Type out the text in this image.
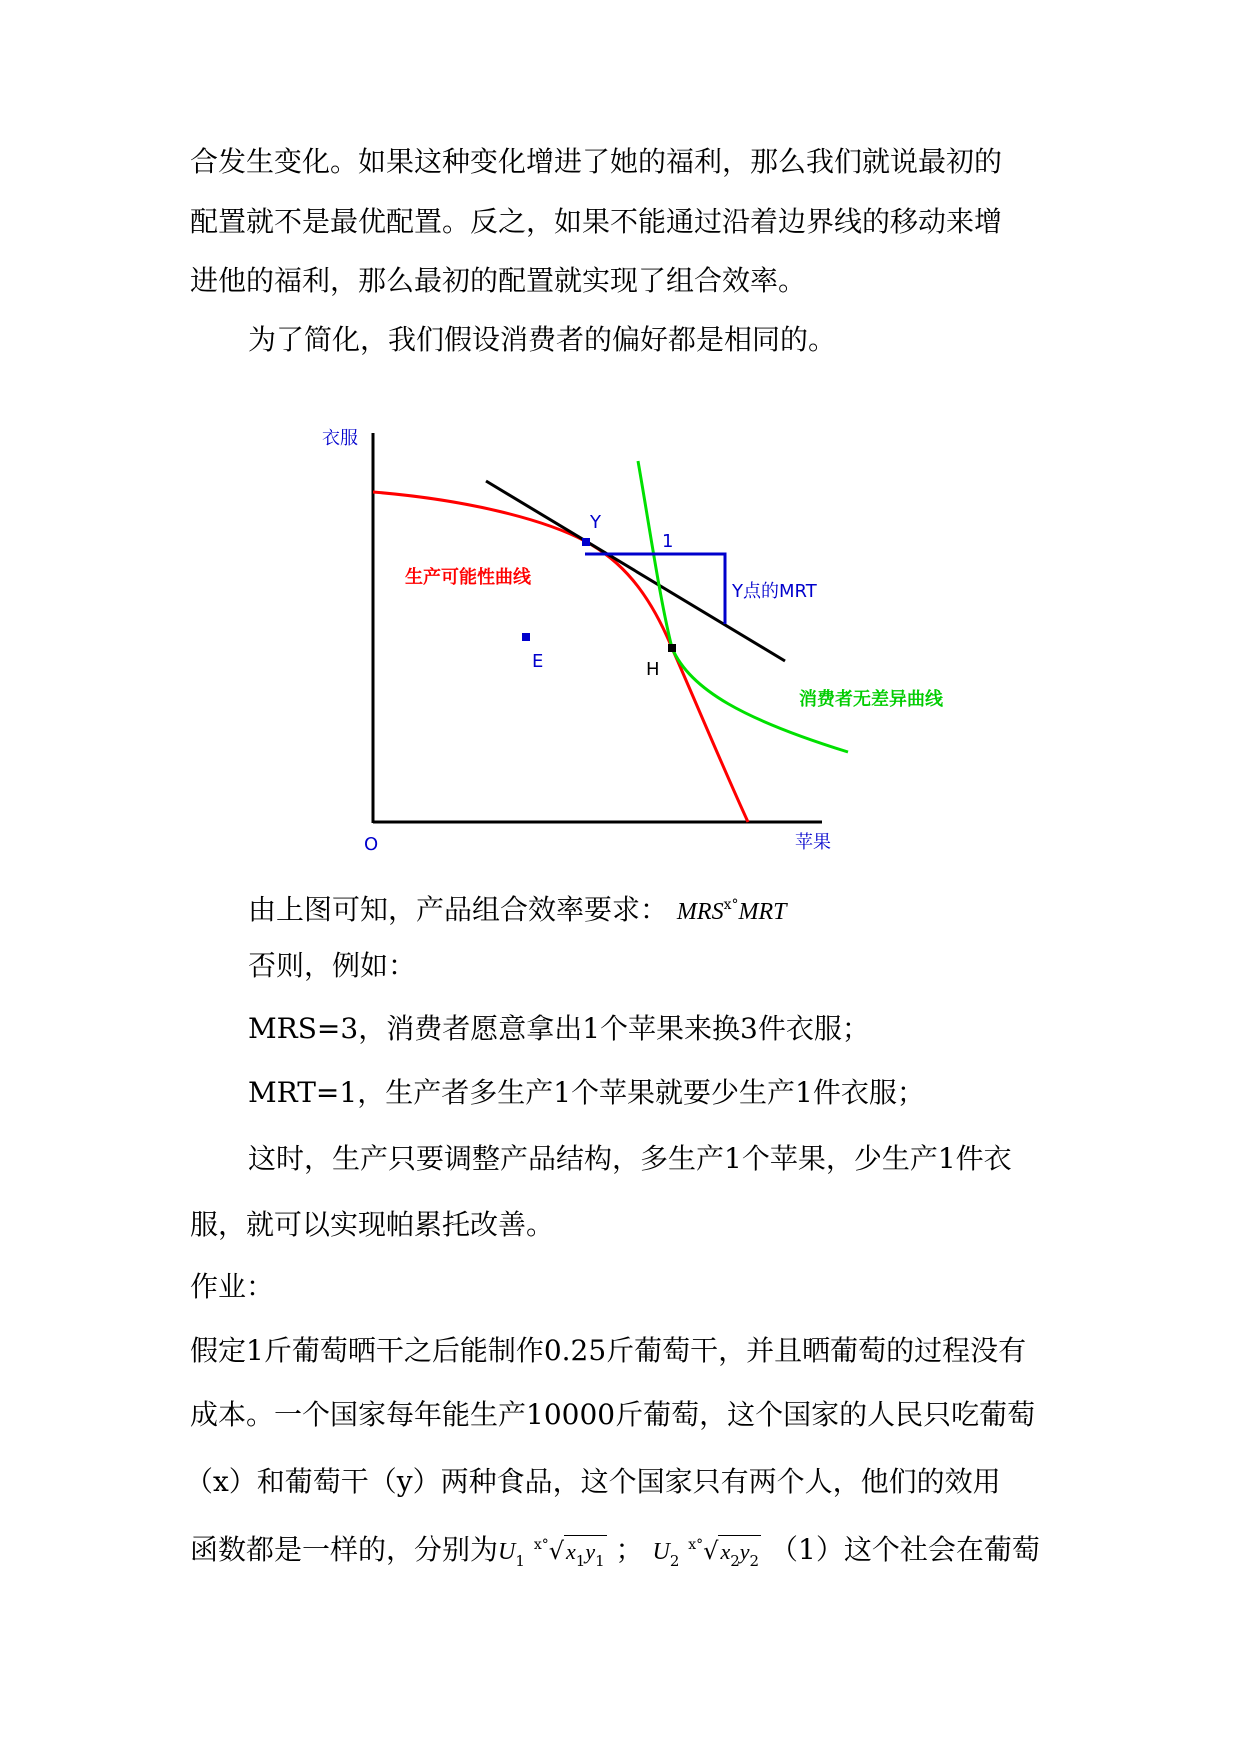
合发生变化。如果这种变化增进了她的福利，那么我们就说最初的
配置就不是最优配置。反之，如果不能通过沿着边界线的移动来增
进他的福利，那么最初的配置就实现了组合效率。
为了简化，我们假设消费者的偏好都是相同的。
衣服
苹果
O
生产可能性曲线
消费者无差异曲线
1
Y点的MRT
Y
H
E
由上图可知，产品组合效率要求： MRSⅹ°MRT
否则，例如：
MRS=3，消费者愿意拿出1个苹果来换3件衣服；
MRT=1，生产者多生产1个苹果就要少生产1件衣服；
这时，生产只要调整产品结构，多生产1个苹果，少生产1件衣
服，就可以实现帕累托改善。
作业：
假定1斤葡萄晒干之后能制作0.25斤葡萄干，并且晒葡萄的过程没有
成本。一个国家每年能生产10000斤葡萄，这个国家的人民只吃葡萄
（x）和葡萄干（y）两种食品，这个国家只有两个人，他们的效用
函数都是一样的，分别为U1 ⅹ°√x1y1 ； U2 ⅹ°√x2y2 （1）这个社会在葡萄
